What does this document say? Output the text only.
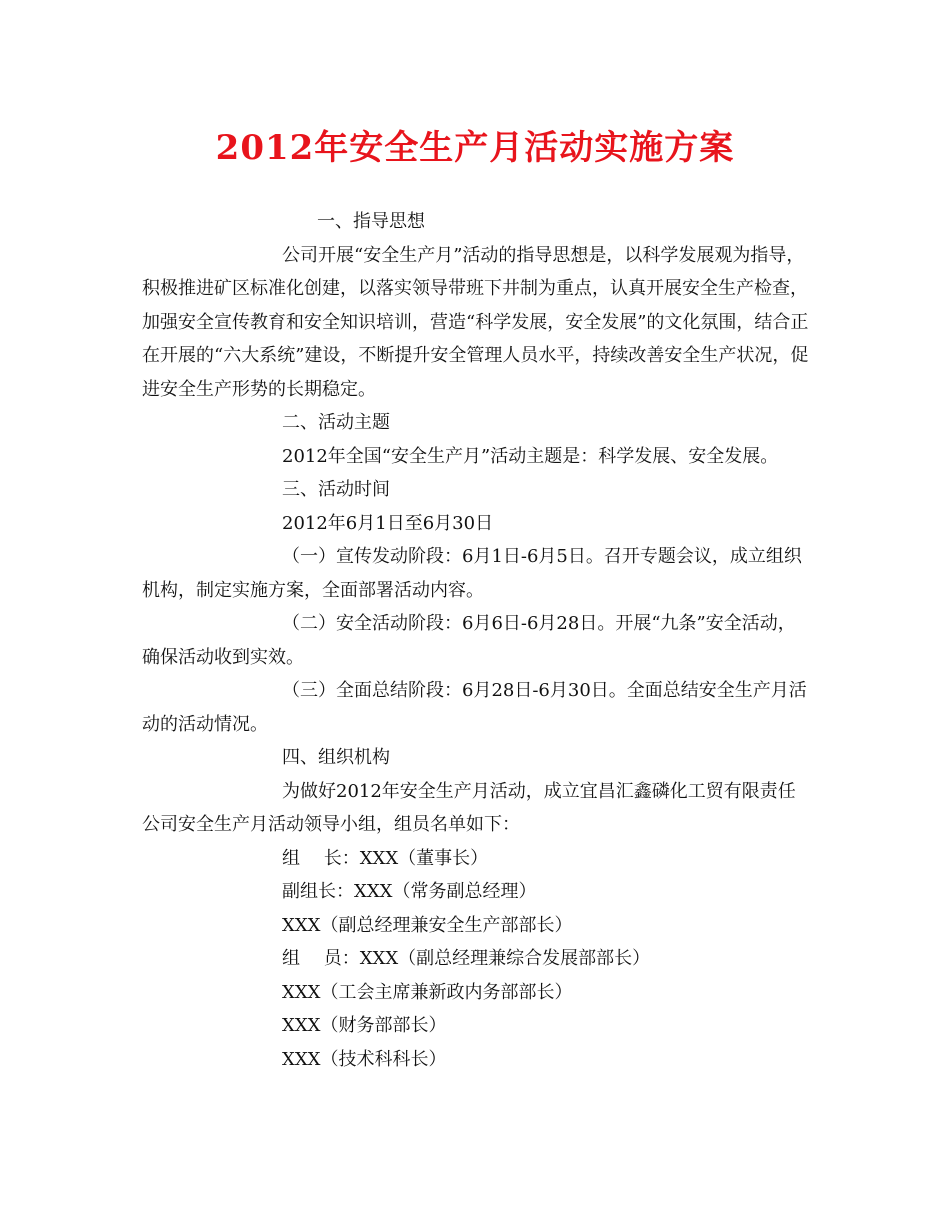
2012年安全生产月活动实施方案

一、指导思想

公司开展“安全生产月”活动的指导思想是，以科学发展观为指导，积极推进矿区标准化创建，以落实领导带班下井制为重点，认真开展安全生产检查，加强安全宣传教育和安全知识培训，营造“科学发展，安全发展”的文化氛围，结合正在开展的“六大系统”建设，不断提升安全管理人员水平，持续改善安全生产状况，促进安全生产形势的长期稳定。

二、活动主题

2012年全国“安全生产月”活动主题是：科学发展、安全发展。

三、活动时间

2012年6月1日至6月30日

（一）宣传发动阶段：6月1日-6月5日。召开专题会议，成立组织机构，制定实施方案，全面部署活动内容。

（二）安全活动阶段：6月6日-6月28日。开展“九条”安全活动，确保活动收到实效。

（三）全面总结阶段：6月28日-6月30日。全面总结安全生产月活动的活动情况。

四、组织机构

为做好2012年安全生产月活动，成立宜昌汇鑫磷化工贸有限责任公司安全生产月活动领导小组，组员名单如下：

组　 长：XXX（董事长）

副组长：XXX（常务副总经理）

XXX（副总经理兼安全生产部部长）

组　 员：XXX（副总经理兼综合发展部部长）

XXX（工会主席兼新政内务部部长）

XXX（财务部部长）

XXX（技术科科长）
